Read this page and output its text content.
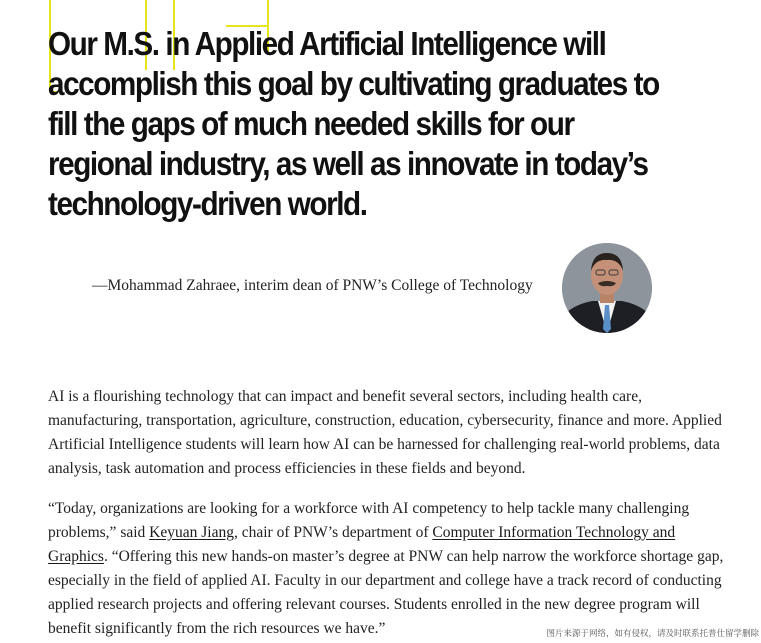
Our M.S. in Applied Artificial Intelligence will accomplish this goal by cultivating graduates to fill the gaps of much needed skills for our regional industry, as well as innovate in today’s technology-driven world.

—Mohammad Zahraee, interim dean of PNW’s College of Technology

AI is a flourishing technology that can impact and benefit several sectors, including health care, manufacturing, transportation, agriculture, construction, education, cybersecurity, finance and more. Applied Artificial Intelligence students will learn how AI can be harnessed for challenging real-world problems, data analysis, task automation and process efficiencies in these fields and beyond.

“Today, organizations are looking for a workforce with AI competency to help tackle many challenging problems,” said Keyuan Jiang, chair of PNW’s department of Computer Information Technology and Graphics. “Offering this new hands-on master’s degree at PNW can help narrow the workforce shortage gap, especially in the field of applied AI. Faculty in our department and college have a track record of conducting applied research projects and offering relevant courses. Students enrolled in the new degree program will benefit significantly from the rich resources we have.”	图片来源于网络，如有侵权，请及时联系托普仕留学删除
